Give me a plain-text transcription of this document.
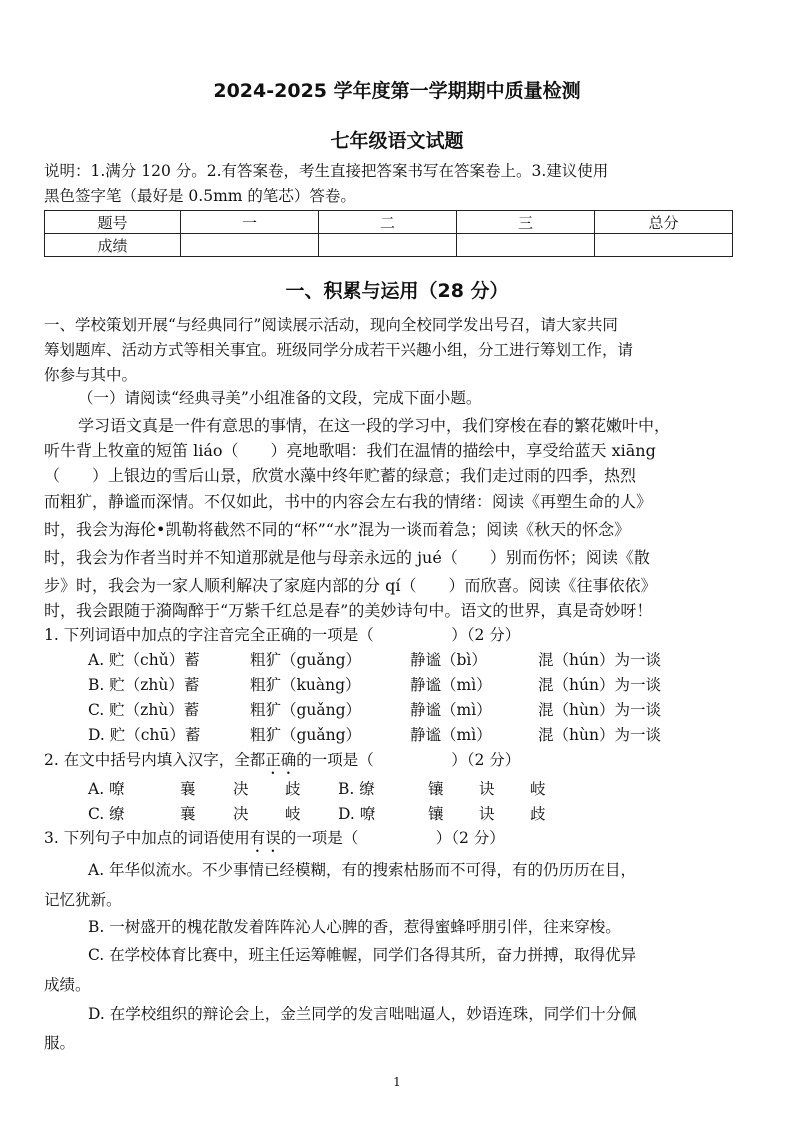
2024-2025 学年度第一学期期中质量检测
七年级语文试题
说明：1.满分 120 分。2.有答案卷，考生直接把答案书写在答案卷上。3.建议使用
黑色签字笔（最好是 0.5mm 的笔芯）答卷。
题号	一	二	三	总分
成绩				
一、积累与运用（28 分）
一、学校策划开展“与经典同行”阅读展示活动，现向全校同学发出号召，请大家共同
筹划题库、活动方式等相关事宜。班级同学分成若干兴趣小组，分工进行筹划工作，请
你参与其中。
（一）请阅读“经典寻美”小组准备的文段，完成下面小题。
学习语文真是一件有意思的事情，在这一段的学习中，我们穿梭在春的繁花嫩叶中，
听牛背上牧童的短笛 liáo（　　）亮地歌唱：我们在温情的描绘中，享受给蓝天 xiāng
（　　）上银边的雪后山景，欣赏水藻中终年贮蓄的绿意；我们走过雨的四季，热烈
而粗犷，静谧而深情。不仅如此，书中的内容会左右我的情绪：阅读《再塑生命的人》
时，我会为海伦•凯勒将截然不同的“杯”“水”混为一谈而着急；阅读《秋天的怀念》
时，我会为作者当时并不知道那就是他与母亲永远的 jué（　　）别而伤怀；阅读《散
步》时，我会为一家人顺利解决了家庭内部的分 qí（　　）而欣喜。阅读《往事依依》
时，我会跟随于漪陶醉于“万紫千红总是春”的美妙诗句中。语文的世界，真是奇妙呀！
1. 下列词语中加点的字注音完全正确的一项是（　　　　　）（2 分）
A. 贮（chǔ）蓄	粗犷（guǎng）	静谧（bì）	混（hún）为一谈
B. 贮（zhù）蓄	粗犷（kuàng）	静谧（mì）	混（hún）为一谈
C. 贮（zhù）蓄	粗犷（guǎng）	静谧（mì）	混（hùn）为一谈
D. 贮（chū）蓄	粗犷（guǎng）	静谧（mì）	混（hùn）为一谈
2. 在文中括号内填入汉字，全都正确的一项是（　　　　　）（2 分）
A. 嘹	襄 决 歧 B. 缭	镶 诀 岐
C. 缭	襄 决 岐 D. 嘹	镶 诀 歧
3. 下列句子中加点的词语使用有误的一项是（　　　　　）（2 分）
A. 年华似流水。不少事情已经模糊，有的搜索枯肠而不可得，有的仍历历在目，
记忆犹新。
B. 一树盛开的槐花散发着阵阵沁人心脾的香，惹得蜜蜂呼朋引伴，往来穿梭。
C. 在学校体育比赛中，班主任运筹帷幄，同学们各得其所，奋力拼搏，取得优异
成绩。
D. 在学校组织的辩论会上，金兰同学的发言咄咄逼人，妙语连珠，同学们十分佩
服。
1
